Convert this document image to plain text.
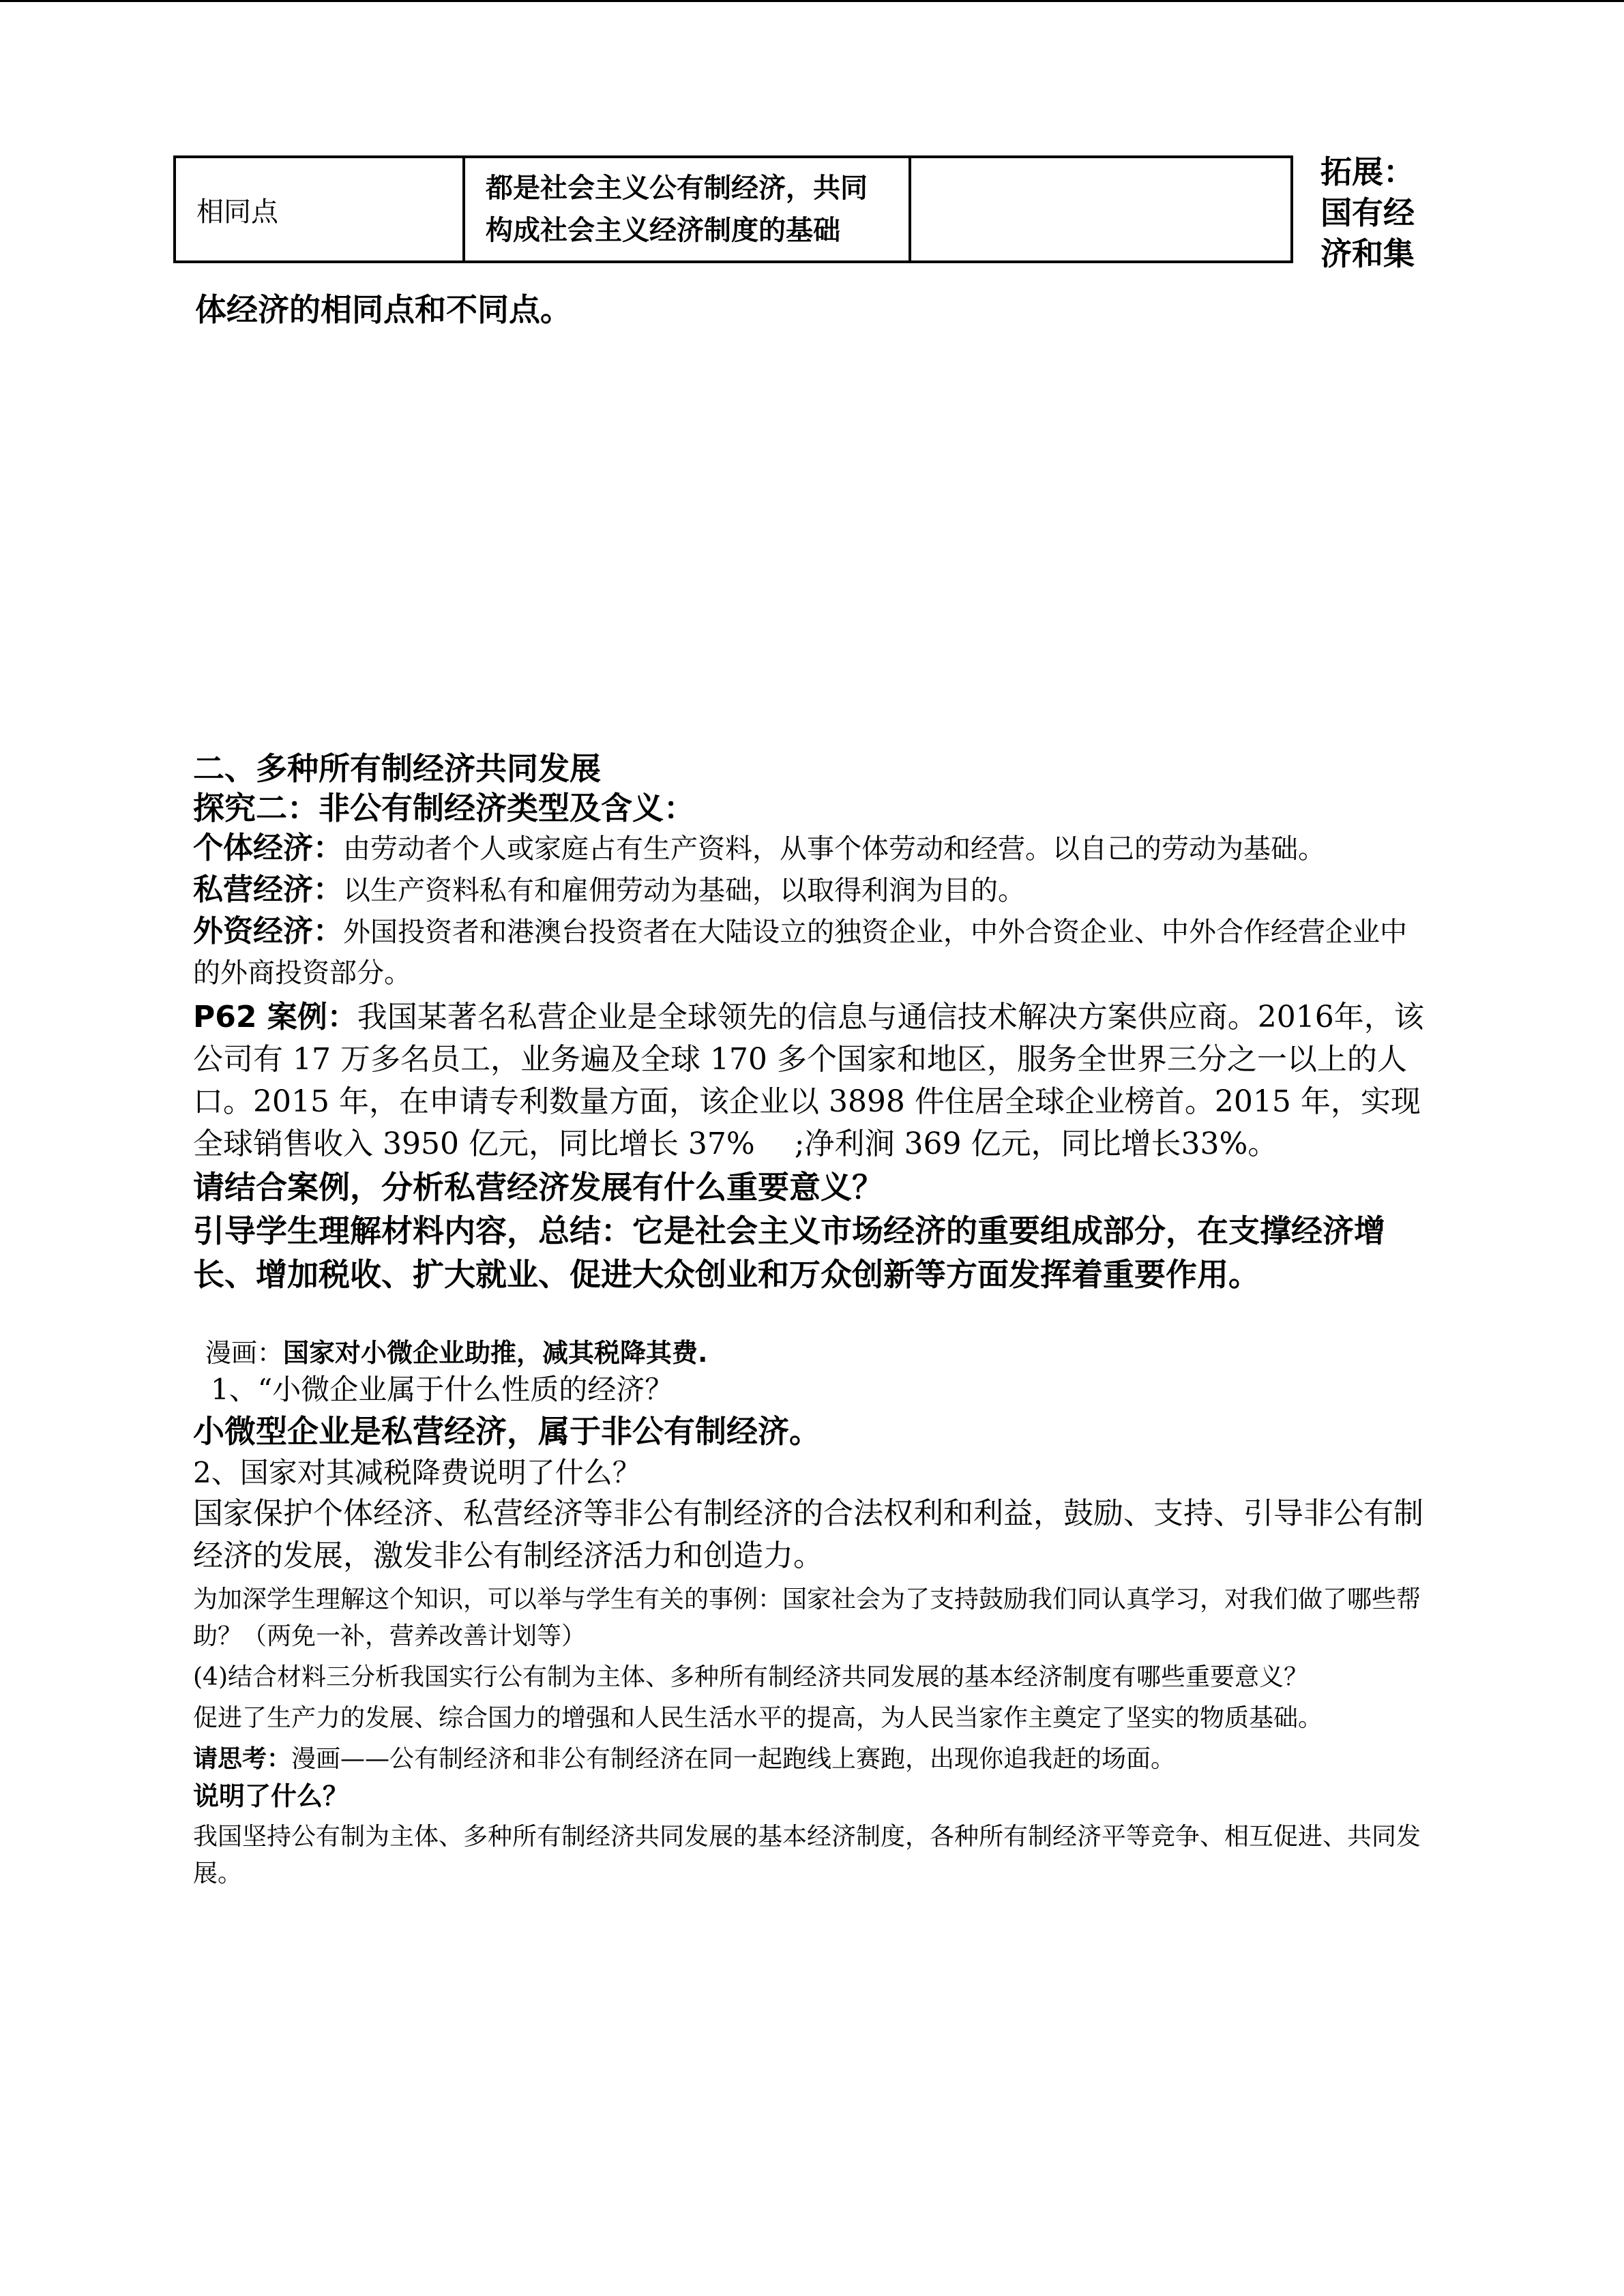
相同点	都是社会主义公有制经济，共同构成社会主义经济制度的基础	
拓展：
国有经
济和集
体经济的相同点和不同点。

二、多种所有制经济共同发展

探究二：非公有制经济类型及含义：

个体经济：由劳动者个人或家庭占有生产资料，从事个体劳动和经营。以自己的劳动为基础。

私营经济：以生产资料私有和雇佣劳动为基础，以取得利润为目的。

外资经济：外国投资者和港澳台投资者在大陆设立的独资企业，中外合资企业、中外合作经营企业中的外商投资部分。

P62 案例：我国某著名私营企业是全球领先的信息与通信技术解决方案供应商。2016年，该公司有 17 万多名员工，业务遍及全球 170 多个国家和地区，服务全世界三分之一以上的人口。2015 年，在申请专利数量方面，该企业以 3898 件住居全球企业榜首。2015 年，实现全球销售收入 3950 亿元，同比增长 37%　 ;净利涧 369 亿元，同比增长33%。

请结合案例，分析私营经济发展有什么重要意义？

引导学生理解材料内容，总结：它是社会主义市场经济的重要组成部分，在支撑经济增长、增加税收、扩大就业、促进大众创业和万众创新等方面发挥着重要作用。

漫画：国家对小微企业助推，减其税降其费.

1、“小微企业属于什么性质的经济？

小微型企业是私营经济，属于非公有制经济。

2、国家对其减税降费说明了什么？

国家保护个体经济、私营经济等非公有制经济的合法权利和利益，鼓励、支持、引导非公有制经济的发展，激发非公有制经济活力和创造力。

为加深学生理解这个知识，可以举与学生有关的事例：国家社会为了支持鼓励我们同认真学习，对我们做了哪些帮助？（两免一补，营养改善计划等）

(4)结合材料三分析我国实行公有制为主体、多种所有制经济共同发展的基本经济制度有哪些重要意义？

促进了生产力的发展、综合国力的增强和人民生活水平的提高，为人民当家作主奠定了坚实的物质基础。

请思考：漫画——公有制经济和非公有制经济在同一起跑线上赛跑，出现你追我赶的场面。

说明了什么？

我国坚持公有制为主体、多种所有制经济共同发展的基本经济制度，各种所有制经济平等竞争、相互促进、共同发展。
